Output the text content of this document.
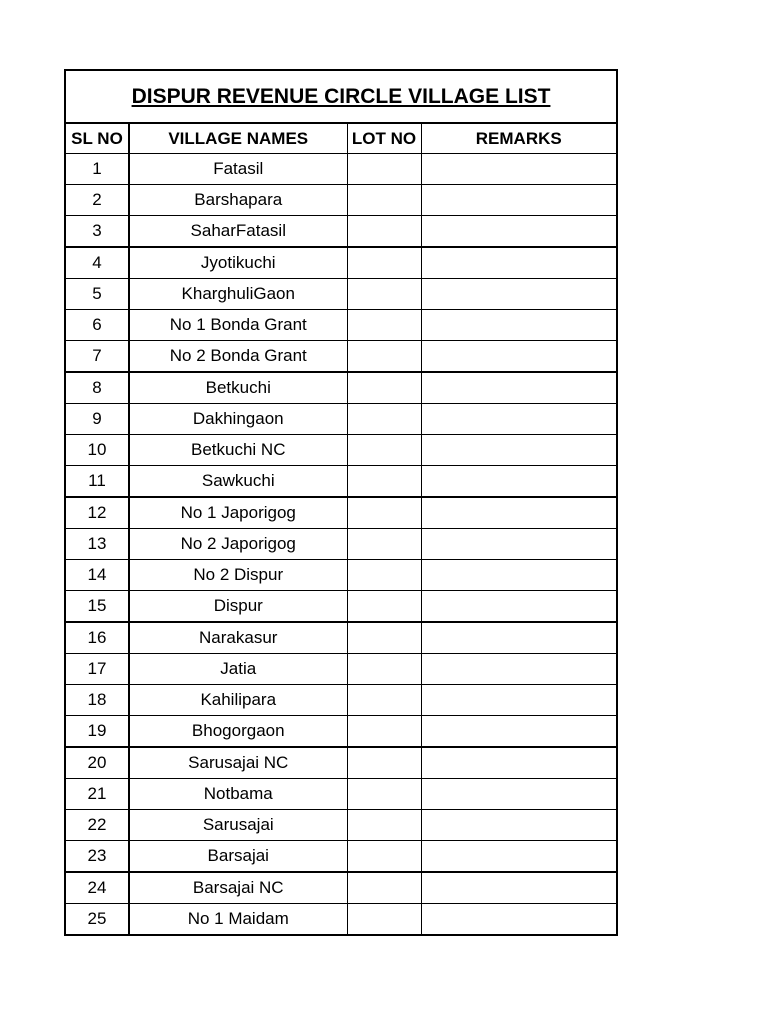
DISPUR REVENUE CIRCLE VILLAGE LIST			
SL NO	VILLAGE NAMES	LOT NO	REMARKS
1	Fatasil		
2	Barshapara		
3	SaharFatasil		
4	Jyotikuchi		
5	KharghuliGaon		
6	No 1 Bonda Grant		
7	No 2 Bonda Grant		
8	Betkuchi		
9	Dakhingaon		
10	Betkuchi NC		
11	Sawkuchi		
12	No 1 Japorigog		
13	No 2 Japorigog		
14	No 2 Dispur		
15	Dispur		
16	Narakasur		
17	Jatia		
18	Kahilipara		
19	Bhogorgaon		
20	Sarusajai NC		
21	Notbama		
22	Sarusajai		
23	Barsajai		
24	Barsajai NC		
25	No 1 Maidam		
